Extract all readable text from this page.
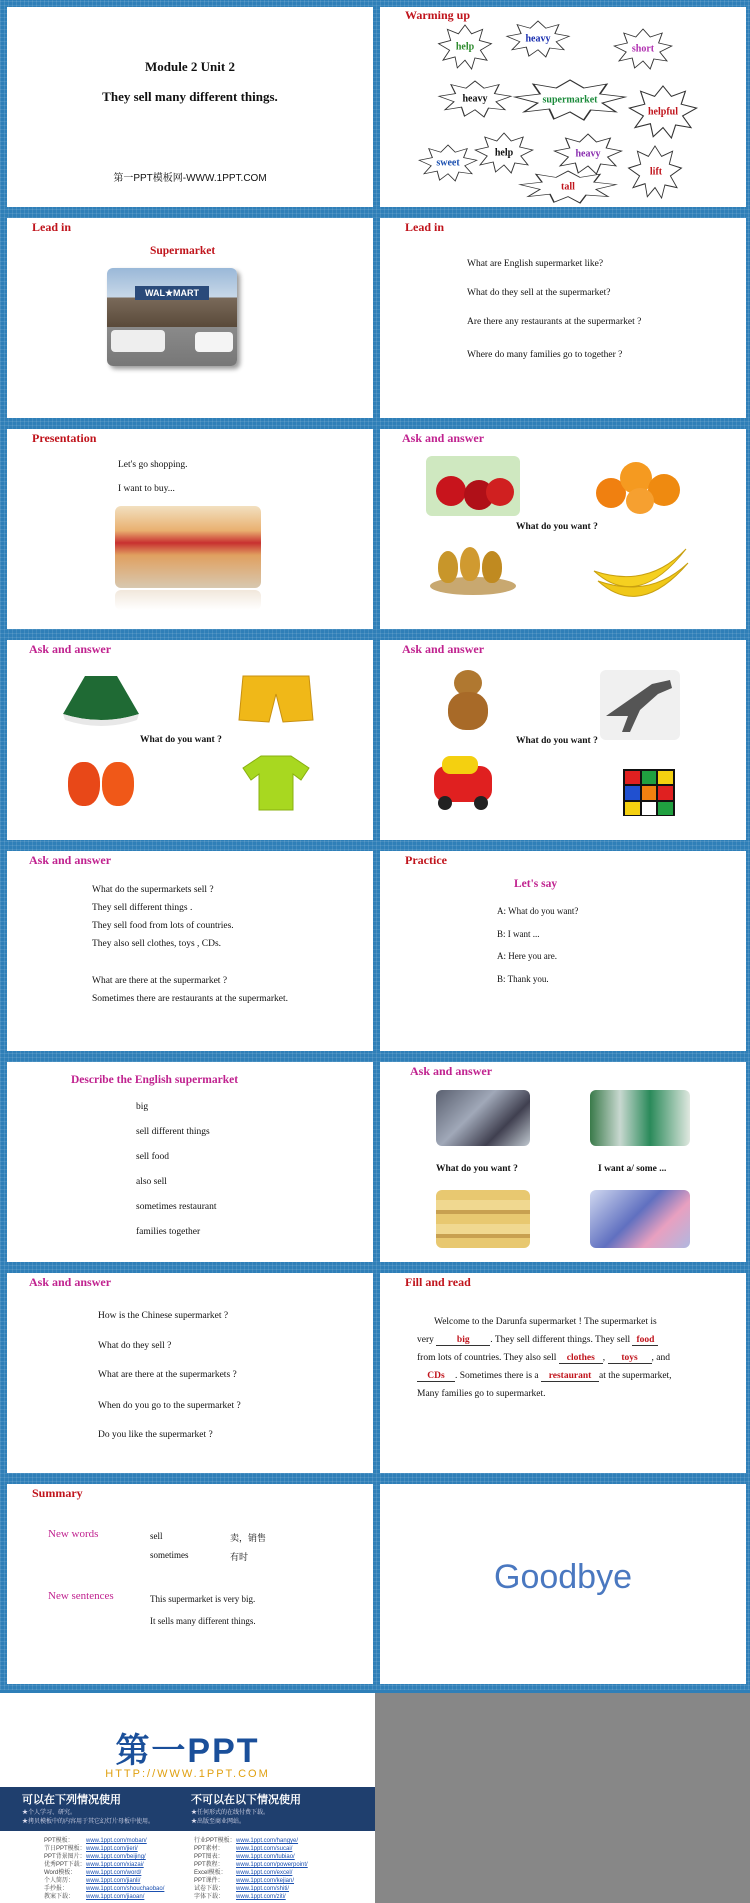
Module 2 Unit 2
They sell many different things.
第一PPT模板网-WWW.1PPT.COM
Warming up
help
heavy
short
heavy	supermarket
helpful
sweet
help	heavy
tall
lift
Lead in
Supermarket
WAL★MART
Lead in
What are English supermarket like?
What do they sell at the supermarket?
Are there any restaurants at the supermarket ?
Where do many families go to together ?
Presentation
Let's go shopping.
I want to buy...
Ask and answer
What do you want ?
Ask and answer
What do you want ?
Ask and answer
What do you want ?
Ask and answer
What do the supermarkets sell ?
They sell different things .
They sell food from lots of countries.
They also sell clothes, toys , CDs.
What are there at the supermarket ?
Sometimes there are restaurants at the supermarket.
Practice
Let's say
A: What do you want?
B: I want ...
A: Here you are.
B: Thank you.
Describe the English supermarket
big
sell different things
sell food
also sell
sometimes restaurant
families together
Ask and answer
What do you want ?	I want a/ some ...
Ask and answer
How is the Chinese supermarket ?
What do they sell ?
What are there at the supermarkets ?
When do you go to the supermarket ?
Do you like the supermarket ?
Fill and read
Welcome to the Darunfa supermarket ! The supermarket is
very big . They sell different things. They sell food
from lots of countries. They also sell clothes , toys , and
CDs . Sometimes there is a restaurant at the supermarket,
Many families go to supermarket.
Summary
New words	sell	卖，销售
sometimes	有时
New sentences	This supermarket is very big.
It sells many different things.
Goodbye
第一PPT
HTTP://WWW.1PPT.COM
可以在下列情况使用
★个人学习、研究。
★拷贝模板中的内容用于其它幻灯片母板中使用。
不可以在以下情况使用
★任何形式的在线付费下载。
★出版至商业网站。
PPT模板： www.1ppt.com/moban/
节日PPT模板：www.1ppt.com/jieri/
PPT背景图片：www.1ppt.com/beijing/
优秀PPT下载：www.1ppt.com/xiazai/
Word模板： www.1ppt.com/word/
个人简历： www.1ppt.com/jianli/
手抄报：	www.1ppt.com/shouchaobao/
教案下载： www.1ppt.com/jiaoan/
行业PPT模板：www.1ppt.com/hangye/
PPT素材： www.1ppt.com/sucai/
PPT图表： www.1ppt.com/tubiao/
PPT教程： www.1ppt.com/powerpoint/
Excel模板： www.1ppt.com/excel/
PPT课件： www.1ppt.com/kejian/
试卷下载： www.1ppt.com/shiti/
字体下载： www.1ppt.com/ziti/
